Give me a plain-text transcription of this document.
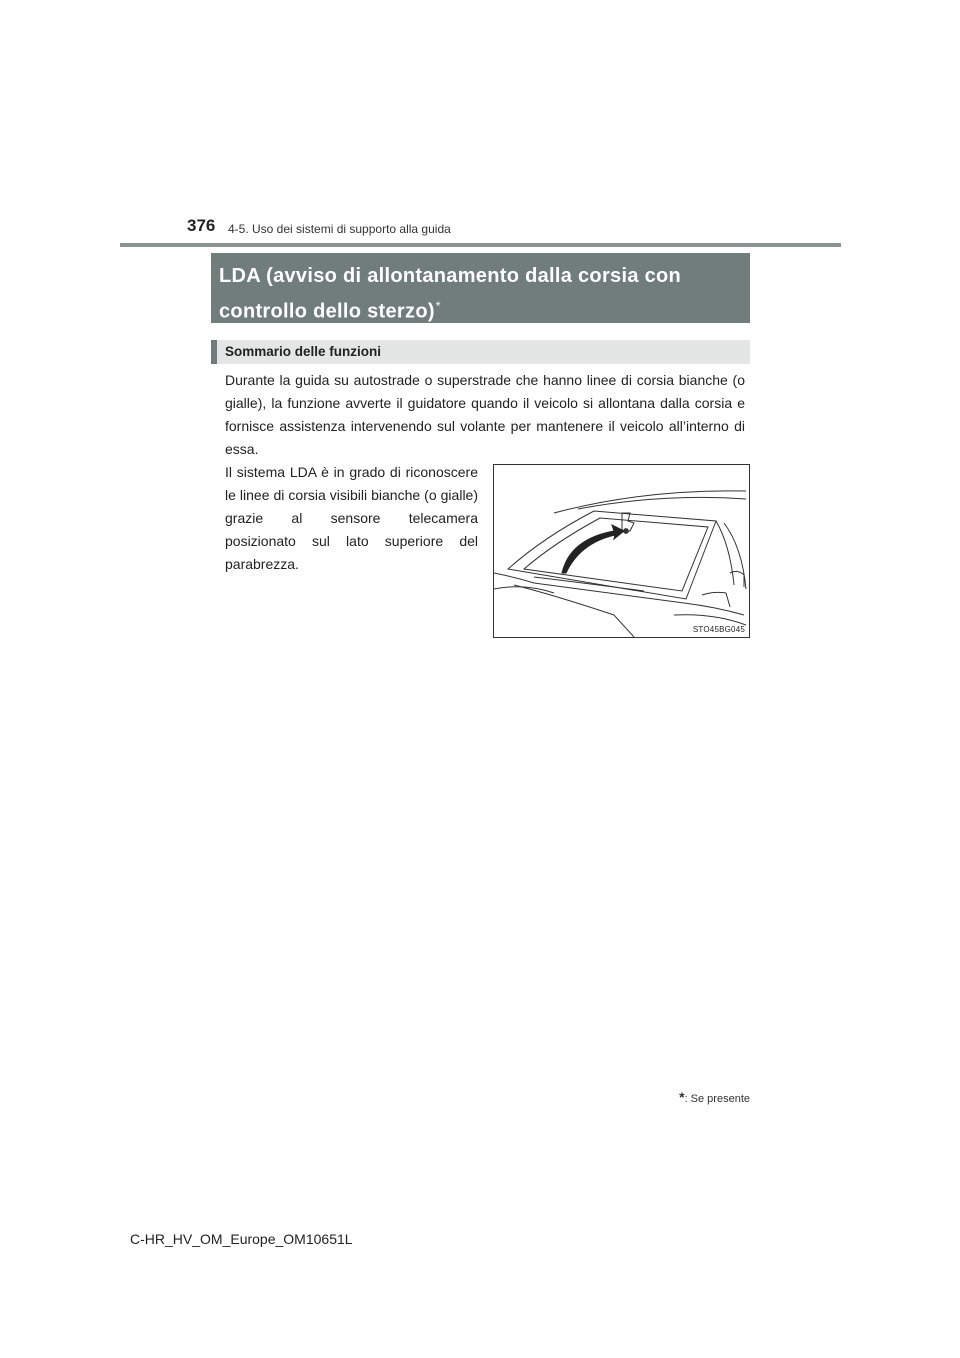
376 4-5. Uso dei sistemi di supporto alla guida
LDA (avviso di allontanamento dalla corsia con
controllo dello sterzo)*
Sommario delle funzioni
Durante la guida su autostrade o superstrade che hanno linee di corsia bianche (o gialle), la funzione avverte il guidatore quando il veicolo si allontana dalla corsia e fornisce assistenza intervenendo sul volante per mantenere il veicolo all’interno di essa.
Il sistema LDA è in grado di riconoscere le linee di corsia visibili bianche (o gialle) grazie al sensore telecamera posizionato sul lato superiore del parabrezza.
STO45BG045
*: Se presente
C-HR_HV_OM_Europe_OM10651L
